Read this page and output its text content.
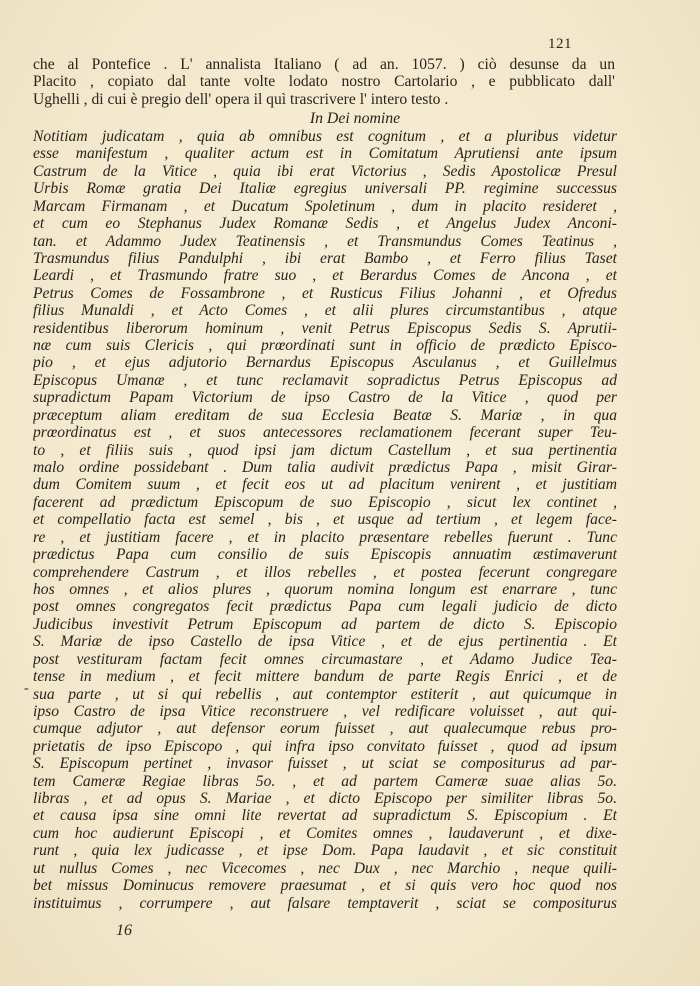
121
che al Pontefice . L' annalista Italiano ( ad an. 1057. ) ciò desunse da un
Placito , copiato dal tante volte lodato nostro Cartolario , e pubblicato dall'
Ughelli , di cui è pregio dell' opera il quì trascrivere l' intero testo .
In Dei nomine
Notitiam judicatam , quia ab omnibus est cognitum , et a pluribus videtur
esse manifestum , qualiter actum est in Comitatum Aprutiensi ante ipsum
Castrum de la Vitice , quia ibi erat Victorius , Sedis Apostolicæ Presul
Urbis Romæ gratia Dei Italiæ egregius universali PP. regimine successus
Marcam Firmanam , et Ducatum Spoletinum , dum in placito resideret ,
et cum eo Stephanus Judex Romanæ Sedis , et Angelus Judex Anconi-
tan. et Adammo Judex Teatinensis , et Transmundus Comes Teatinus ,
Trasmundus filius Pandulphi , ibi erat Bambo , et Ferro filius Taset
Leardi , et Trasmundo fratre suo , et Berardus Comes de Ancona , et
Petrus Comes de Fossambrone , et Rusticus Filius Johanni , et Ofredus
filius Munaldi , et Acto Comes , et alii plures circumstantibus , atque
residentibus liberorum hominum , venit Petrus Episcopus Sedis S. Aprutii-
næ cum suis Clericis , qui prœordinati sunt in officio de prædicto Episco-
pio , et ejus adjutorio Bernardus Episcopus Asculanus , et Guillelmus
Episcopus Umanæ , et tunc reclamavit sopradictus Petrus Episcopus ad
supradictum Papam Victorium de ipso Castro de la Vitice , quod per
præceptum aliam ereditam de sua Ecclesia Beatæ S. Mariæ , in qua
prœordinatus est , et suos antecessores reclamationem fecerant super Teu-
to , et filiis suis , quod ipsi jam dictum Castellum , et sua pertinentia
malo ordine possidebant . Dum talia audivit prædictus Papa , misit Girar-
dum Comitem suum , et fecit eos ut ad placitum venirent , et justitiam
facerent ad prædictum Episcopum de suo Episcopio , sicut lex continet ,
et compellatio facta est semel , bis , et usque ad tertium , et legem face-
re , et justitiam facere , et in placito præsentare rebelles fuerunt . Tunc
prædictus Papa cum consilio de suis Episcopis annuatim æstimaverunt
comprehendere Castrum , et illos rebelles , et postea fecerunt congregare
hos omnes , et alios plures , quorum nomina longum est enarrare , tunc
post omnes congregatos fecit prædictus Papa cum legali judicio de dicto
Judicibus investivit Petrum Episcopum ad partem de dicto S. Episcopio
S. Mariæ de ipso Castello de ipsa Vitice , et de ejus pertinentia . Et
post vestituram factam fecit omnes circumastare , et Adamo Judice Tea-
tense in medium , et fecit mittere bandum de parte Regis Enrici , et de
sua parte , ut si qui rebellis , aut contemptor estiterit , aut quicumque in
ipso Castro de ipsa Vitice reconstruere , vel redificare voluisset , aut qui-
cumque adjutor , aut defensor eorum fuisset , aut qualecumque rebus pro-
prietatis de ipso Episcopo , qui infra ipso convitato fuisset , quod ad ipsum
S. Episcopum pertinet , invasor fuisset , ut sciat se compositurus ad par-
tem Cameræ Regiae libras 5o. , et ad partem Cameræ suae alias 5o.
libras , et ad opus S. Mariae , et dicto Episcopo per similiter libras 5o.
et causa ipsa sine omni lite revertat ad supradictum S. Episcopium . Et
cum hoc audierunt Episcopi , et Comites omnes , laudaverunt , et dixe-
runt , quia lex judicasse , et ipse Dom. Papa laudavit , et sic constituit
ut nullus Comes , nec Vicecomes , nec Dux , nec Marchio , neque quili-
bet missus Dominucus removere praesumat , et si quis vero hoc quod nos
instituimus , corrumpere , aut falsare temptaverit , sciat se compositurus
-
16
